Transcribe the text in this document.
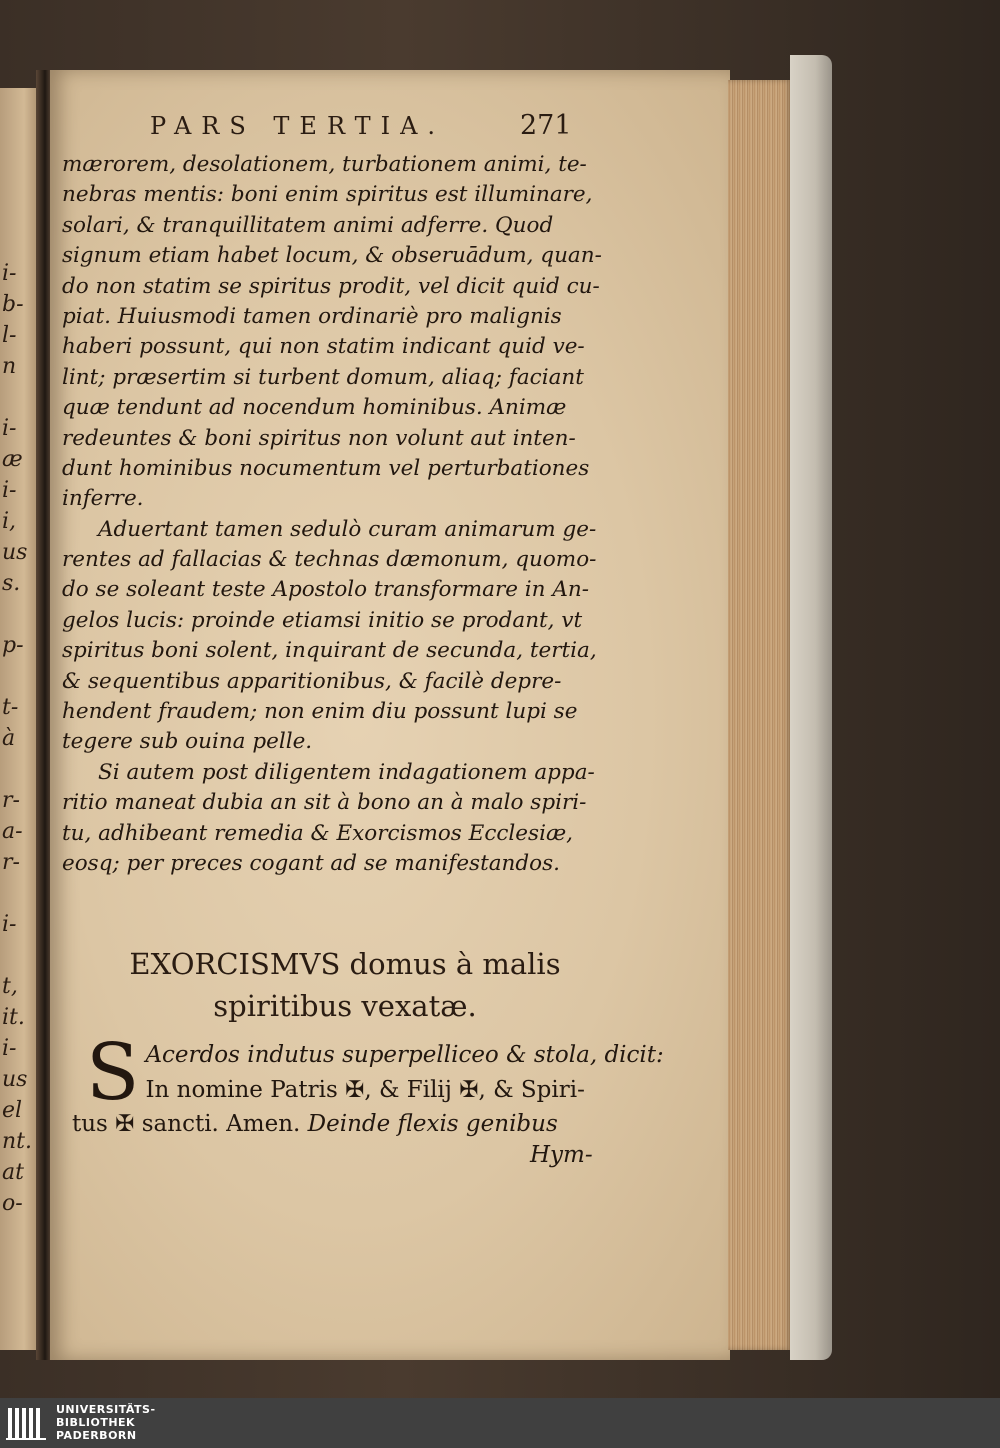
i-
b-
l-
n
i-
æ
i-
i,
us
s.
p-
t-
à
r-
a-
r-
i-
t,
it.
i-
us
el
nt.
at
o-
PARS TERTIA.	271
mærorem, desolationem, turbationem animi, te-
nebras mentis: boni enim spiritus est illuminare,
solari, & tranquillitatem animi adferre. Quod
signum etiam habet locum, & obseruādum, quan-
do non statim se spiritus prodit, vel dicit quid cu-
piat. Huiusmodi tamen ordinariè pro malignis
haberi possunt, qui non statim indicant quid ve-
lint; præsertim si turbent domum, aliaq; faciant
quæ tendunt ad nocendum hominibus. Animæ
redeuntes & boni spiritus non volunt aut inten-
dunt hominibus nocumentum vel perturbationes
inferre.
Aduertant tamen sedulò curam animarum ge-
rentes ad fallacias & technas dæmonum, quomo-
do se soleant teste Apostolo transformare in An-
gelos lucis: proinde etiamsi initio se prodant, vt
spiritus boni solent, inquirant de secunda, tertia,
& sequentibus apparitionibus, & facilè depre-
hendent fraudem; non enim diu possunt lupi se
tegere sub ouina pelle.
Si autem post diligentem indagationem appa-
ritio maneat dubia an sit à bono an à malo spiri-
tu, adhibeant remedia & Exorcismos Ecclesiæ,
eosq; per preces cogant ad se manifestandos.
EXORCISMVS domus à malis
spiritibus vexatæ.
S Acerdos indutus superpelliceo & stola, dicit:
In nomine Patris ✠, & Filij ✠, & Spiri-
tus ✠ sancti. Amen. Deinde flexis genibus
Hym-
UNIVERSITÄTS-
BIBLIOTHEK
PADERBORN
